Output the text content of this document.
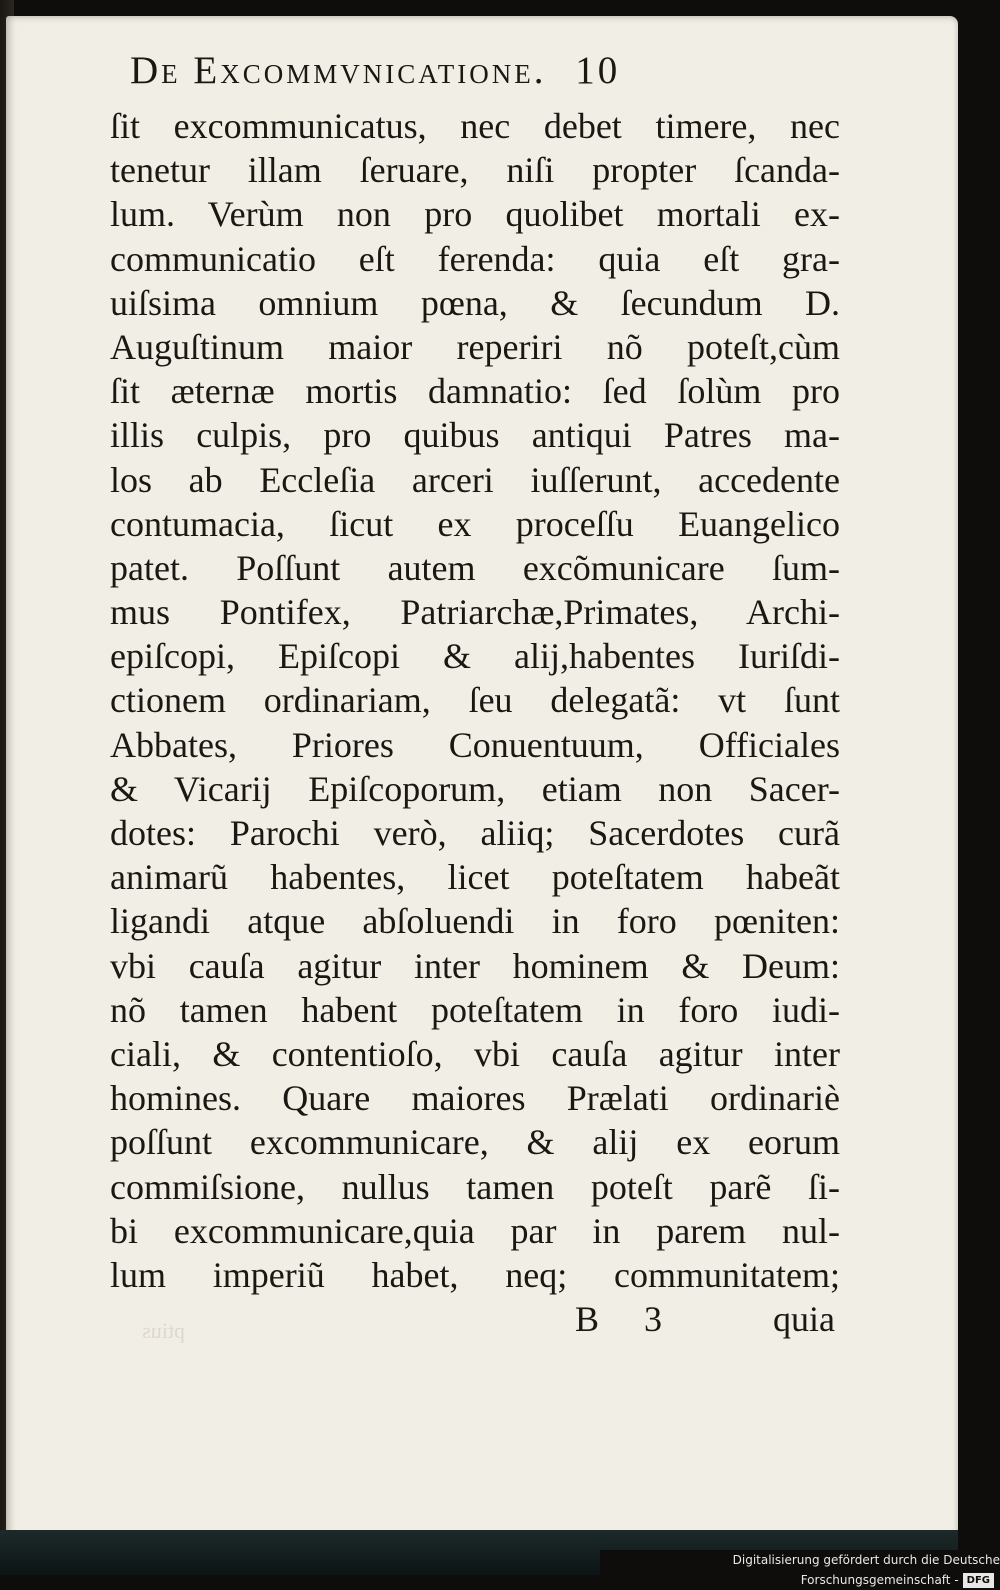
De Excommvnicatione. 10
ſit excommunicatus, nec debet timere, nec
tenetur illam ſeruare, niſi propter ſcanda-
lum. Verùm non pro quolibet mortali ex-
communicatio eſt ferenda: quia eſt gra-
uiſsima omnium pœna, & ſecundum D.
Auguſtinum maior reperiri nõ poteſt,cùm
ſit æternæ mortis damnatio: ſed ſolùm pro
illis culpis, pro quibus antiqui Patres ma-
los ab Eccleſia arceri iuſſerunt, accedente
contumacia, ſicut ex proceſſu Euangelico
patet. Poſſunt autem excõmunicare ſum-
mus Pontifex, Patriarchæ,Primates, Archi-
epiſcopi, Epiſcopi & alij,habentes Iuriſdi-
ctionem ordinariam, ſeu delegatã: vt ſunt
Abbates, Priores Conuentuum, Officiales
& Vicarij Epiſcoporum, etiam non Sacer-
dotes: Parochi verò, aliiq; Sacerdotes curã
animarũ habentes, licet poteſtatem habeãt
ligandi atque abſoluendi in foro pœniten:
vbi cauſa agitur inter hominem & Deum:
nõ tamen habent poteſtatem in foro iudi-
ciali, & contentioſo, vbi cauſa agitur inter
homines. Quare maiores Prælati ordinariè
poſſunt excommunicare, & alij ex eorum
commiſsione, nullus tamen poteſt parẽ ſi-
bi excommunicare,quia par in parem nul-
lum imperiũ habet, neq; communitatem;
ptius	B 3	quia
Digitalisierung gefördert durch die Deutsche Forschungsgemeinschaft - DFG
